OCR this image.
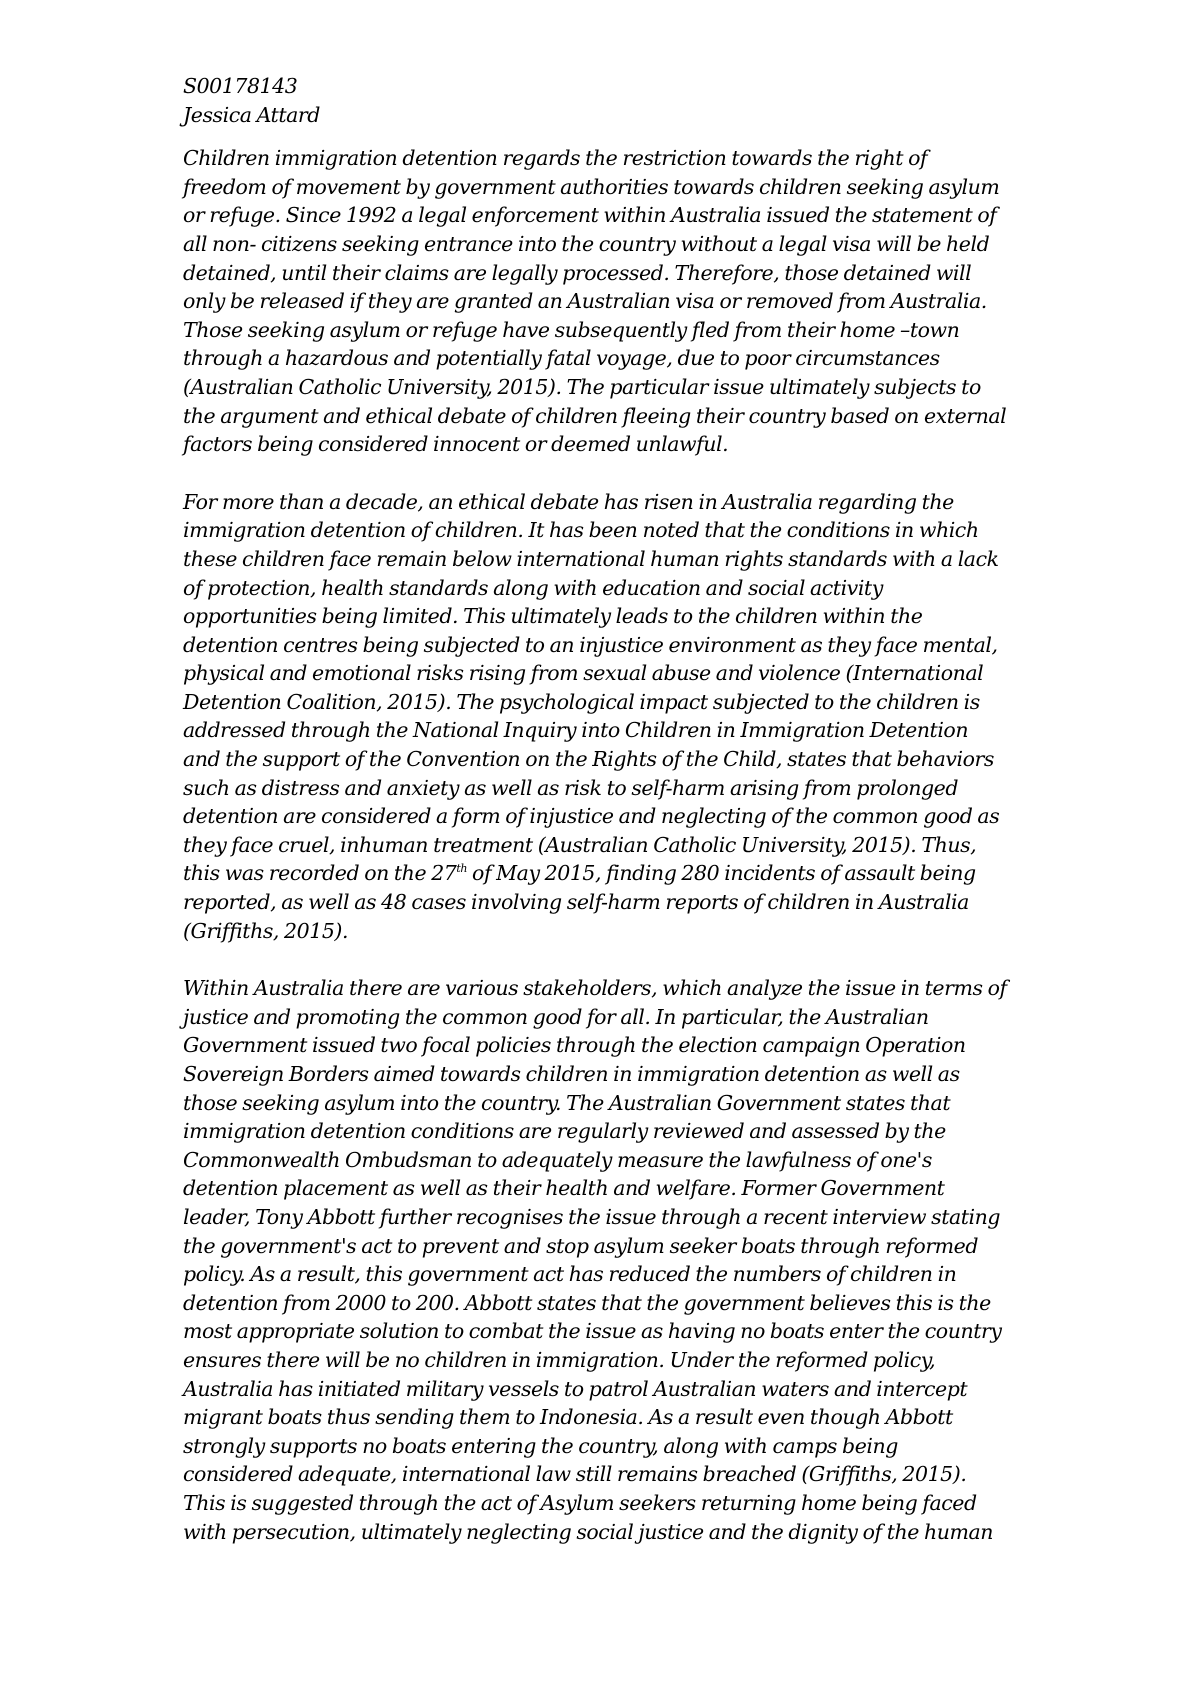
S00178143
Jessica Attard

Children immigration detention regards the restriction towards the right of
freedom of movement by government authorities towards children seeking asylum
or refuge. Since 1992 a legal enforcement within Australia issued the statement of
all non- citizens seeking entrance into the country without a legal visa will be held
detained, until their claims are legally processed. Therefore, those detained will
only be released if they are granted an Australian visa or removed from Australia.
Those seeking asylum or refuge have subsequently fled from their home –town
through a hazardous and potentially fatal voyage, due to poor circumstances
(Australian Catholic University, 2015). The particular issue ultimately subjects to
the argument and ethical debate of children fleeing their country based on external
factors being considered innocent or deemed unlawful.

For more than a decade, an ethical debate has risen in Australia regarding the
immigration detention of children. It has been noted that the conditions in which
these children face remain below international human rights standards with a lack
of protection, health standards along with education and social activity
opportunities being limited. This ultimately leads to the children within the
detention centres being subjected to an injustice environment as they face mental,
physical and emotional risks rising from sexual abuse and violence (International
Detention Coalition, 2015). The psychological impact subjected to the children is
addressed through the National Inquiry into Children in Immigration Detention
and the support of the Convention on the Rights of the Child, states that behaviors
such as distress and anxiety as well as risk to self-harm arising from prolonged
detention are considered a form of injustice and neglecting of the common good as
they face cruel, inhuman treatment (Australian Catholic University, 2015). Thus,
this was recorded on the 27th of May 2015, finding 280 incidents of assault being
reported, as well as 48 cases involving self-harm reports of children in Australia
(Griffiths, 2015).

Within Australia there are various stakeholders, which analyze the issue in terms of
justice and promoting the common good for all. In particular, the Australian
Government issued two focal policies through the election campaign Operation
Sovereign Borders aimed towards children in immigration detention as well as
those seeking asylum into the country. The Australian Government states that
immigration detention conditions are regularly reviewed and assessed by the
Commonwealth Ombudsman to adequately measure the lawfulness of one's
detention placement as well as their health and welfare. Former Government
leader, Tony Abbott further recognises the issue through a recent interview stating
the government's act to prevent and stop asylum seeker boats through reformed
policy. As a result, this government act has reduced the numbers of children in
detention from 2000 to 200. Abbott states that the government believes this is the
most appropriate solution to combat the issue as having no boats enter the country
ensures there will be no children in immigration. Under the reformed policy,
Australia has initiated military vessels to patrol Australian waters and intercept
migrant boats thus sending them to Indonesia. As a result even though Abbott
strongly supports no boats entering the country, along with camps being
considered adequate, international law still remains breached (Griffiths, 2015).
This is suggested through the act of Asylum seekers returning home being faced
with persecution, ultimately neglecting social justice and the dignity of the human
